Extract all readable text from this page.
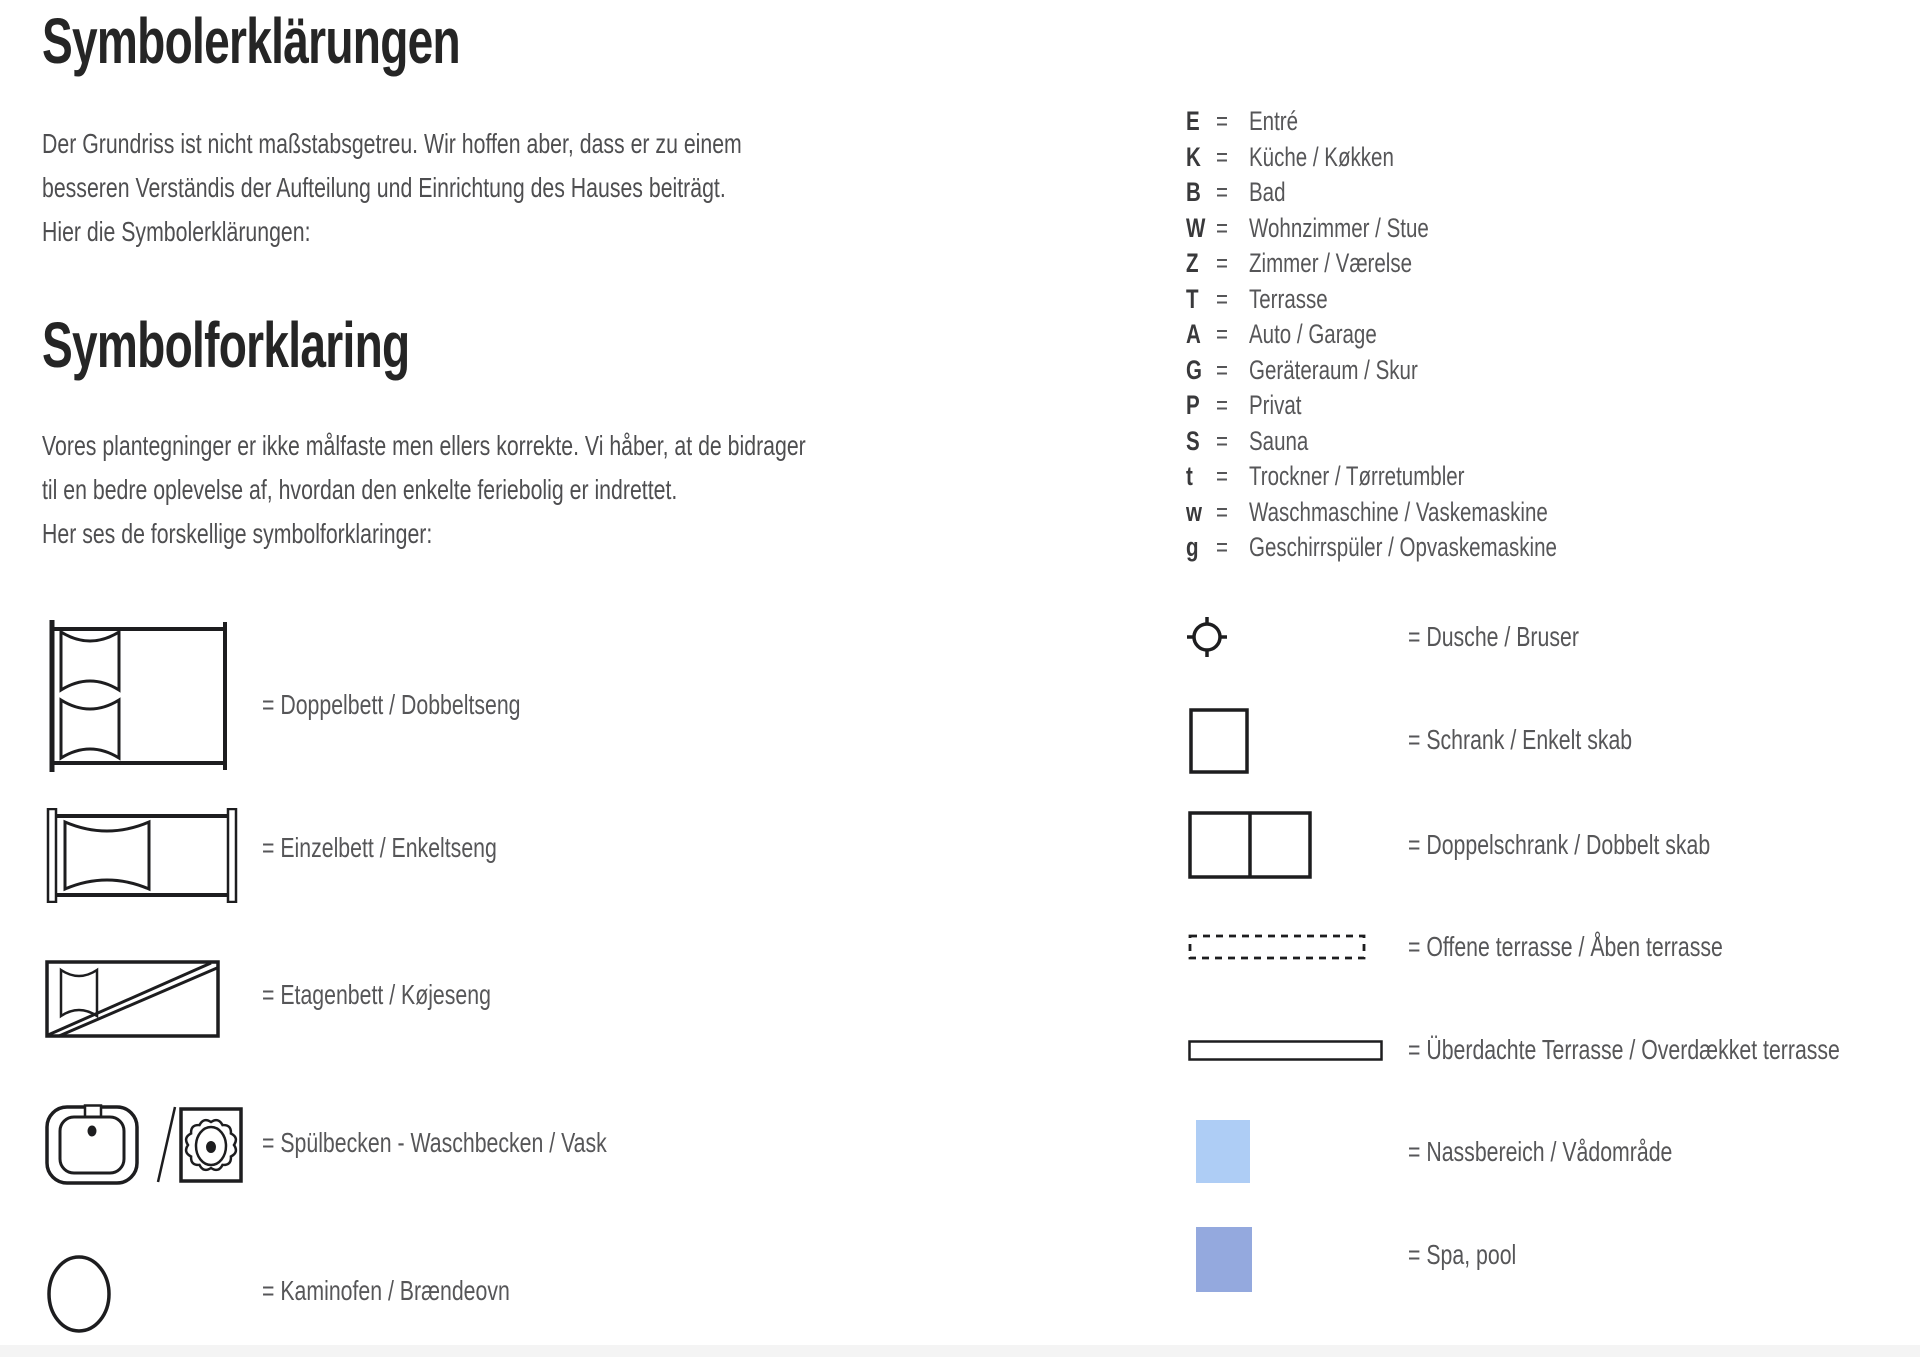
Symbolerklärungen
Der Grundriss ist nicht maßstabsgetreu. Wir hoffen aber, dass er zu einem
besseren Verständis der Aufteilung und Einrichtung des Hauses beiträgt.
Hier die Symbolerklärungen:
Symbolforklaring
Vores plantegninger er ikke målfaste men ellers korrekte. Vi håber, at de bidrager
til en bedre oplevelse af, hvordan den enkelte feriebolig er indrettet.
Her ses de forskellige symbolforklaringer:
= Doppelbett / Dobbeltseng
= Einzelbett / Enkeltseng
= Etagenbett / Køjeseng
= Spülbecken - Waschbecken / Vask
= Kaminofen / Brændeovn
E = Entré
K = Küche / Køkken
B = Bad
W = Wohnzimmer / Stue
Z = Zimmer / Værelse
T = Terrasse
A = Auto / Garage
G = Geräteraum / Skur
P = Privat
S = Sauna
t = Trockner / Tørretumbler
w = Waschmaschine / Vaskemaskine
g = Geschirrspüler / Opvaskemaskine
= Dusche / Bruser
= Schrank / Enkelt skab
= Doppelschrank / Dobbelt skab
= Offene terrasse / Åben terrasse
= Überdachte Terrasse / Overdækket terrasse
= Nassbereich / Vådområde
= Spa, pool
